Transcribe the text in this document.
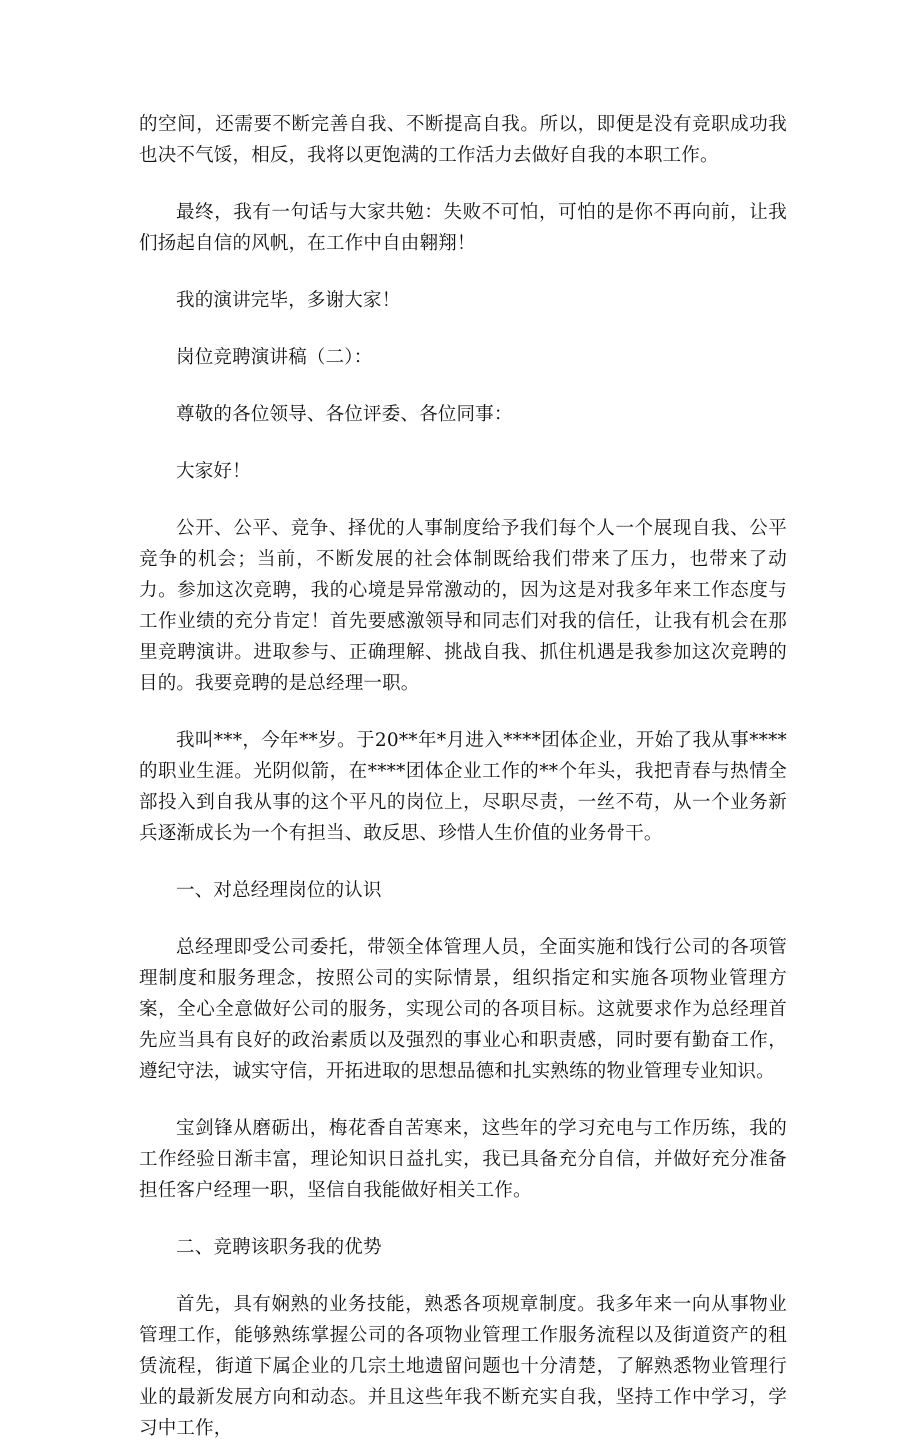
的空间，还需要不断完善自我、不断提高自我。所以，即便是没有竞职成功我也决不气馁，相反，我将以更饱满的工作活力去做好自我的本职工作。

最终，我有一句话与大家共勉：失败不可怕，可怕的是你不再向前，让我们扬起自信的风帆，在工作中自由翱翔！

我的演讲完毕，多谢大家！

岗位竞聘演讲稿（二）：

尊敬的各位领导、各位评委、各位同事：

大家好！

公开、公平、竞争、择优的人事制度给予我们每个人一个展现自我、公平竞争的机会；当前，不断发展的社会体制既给我们带来了压力，也带来了动力。参加这次竞聘，我的心境是异常激动的，因为这是对我多年来工作态度与工作业绩的充分肯定！首先要感激领导和同志们对我的信任，让我有机会在那里竞聘演讲。进取参与、正确理解、挑战自我、抓住机遇是我参加这次竞聘的目的。我要竞聘的是总经理一职。

我叫***，今年**岁。于20**年*月进入****团体企业，开始了我从事****的职业生涯。光阴似箭，在****团体企业工作的**个年头，我把青春与热情全部投入到自我从事的这个平凡的岗位上，尽职尽责，一丝不苟，从一个业务新兵逐渐成长为一个有担当、敢反思、珍惜人生价值的业务骨干。

一、对总经理岗位的认识

总经理即受公司委托，带领全体管理人员，全面实施和饯行公司的各项管理制度和服务理念，按照公司的实际情景，组织指定和实施各项物业管理方案，全心全意做好公司的服务，实现公司的各项目标。这就要求作为总经理首先应当具有良好的政治素质以及强烈的事业心和职责感，同时要有勤奋工作，遵纪守法，诚实守信，开拓进取的思想品德和扎实熟练的物业管理专业知识。

宝剑锋从磨砺出，梅花香自苦寒来，这些年的学习充电与工作历练，我的工作经验日渐丰富，理论知识日益扎实，我已具备充分自信，并做好充分准备担任客户经理一职，坚信自我能做好相关工作。

二、竞聘该职务我的优势

首先，具有娴熟的业务技能，熟悉各项规章制度。我多年来一向从事物业管理工作，能够熟练掌握公司的各项物业管理工作服务流程以及街道资产的租赁流程，街道下属企业的几宗土地遗留问题也十分清楚，了解熟悉物业管理行业的最新发展方向和动态。并且这些年我不断充实自我，坚持工作中学习，学习中工作，
